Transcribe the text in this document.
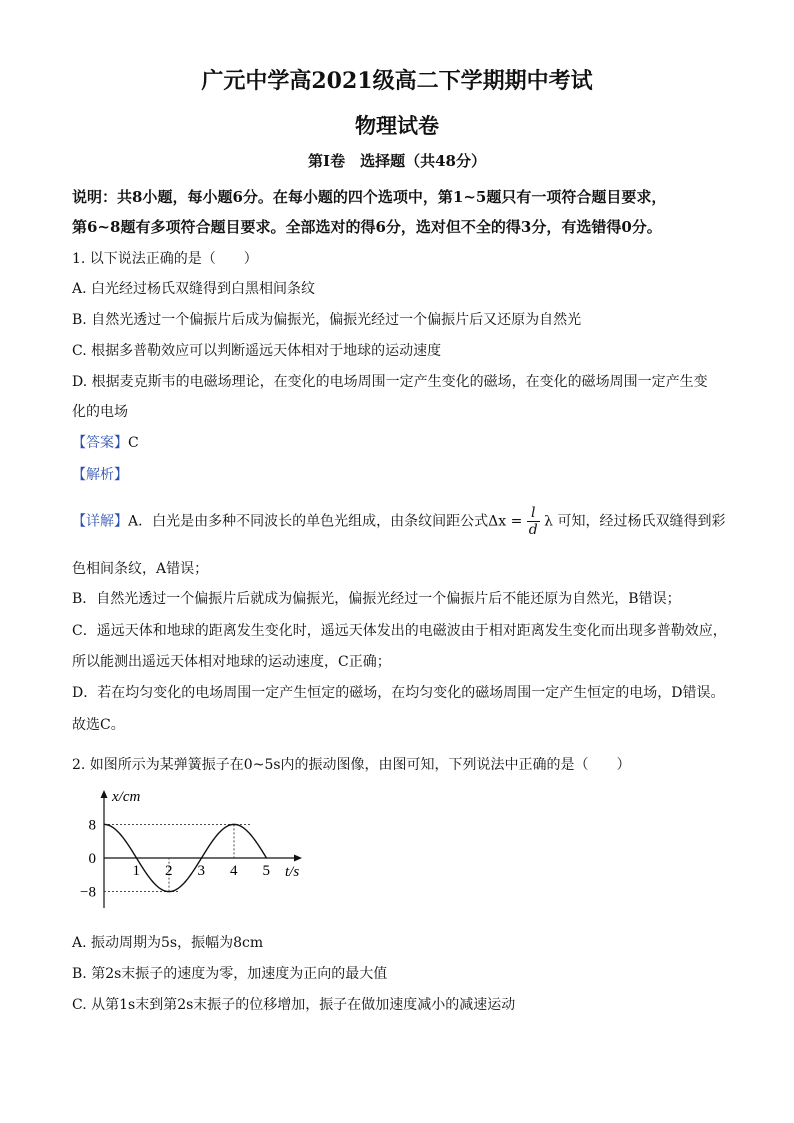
广元中学高2021级高二下学期期中考试
物理试卷
第I卷　选择题（共48分）
说明：共8小题，每小题6分。在每小题的四个选项中，第1~5题只有一项符合题目要求，
第6~8题有多项符合题目要求。全部选对的得6分，选对但不全的得3分，有选错得0分。
1. 以下说法正确的是（　　）
A. 白光经过杨氏双缝得到白黑相间条纹
B. 自然光透过一个偏振片后成为偏振光，偏振光经过一个偏振片后又还原为自然光
C. 根据多普勒效应可以判断遥远天体相对于地球的运动速度
D. 根据麦克斯韦的电磁场理论，在变化的电场周围一定产生变化的磁场，在变化的磁场周围一定产生变
化的电场
【答案】C
【解析】
【详解】A．白光是由多种不同波长的单色光组成，由条纹间距公式$\Delta x = \frac{l}{d}$ λ 可知，经过杨氏双缝得到彩
色相间条纹，A错误；
B．自然光透过一个偏振片后就成为偏振光，偏振光经过一个偏振片后不能还原为自然光，B错误；
C．遥远天体和地球的距离发生变化时，遥远天体发出的电磁波由于相对距离发生变化而出现多普勒效应，
所以能测出遥远天体相对地球的运动速度，C正确；
D．若在均匀变化的电场周围一定产生恒定的磁场，在均匀变化的磁场周围一定产生恒定的电场，D错误。
故选C。
2. 如图所示为某弹簧振子在0~5s内的振动图像，由图可知，下列说法中正确的是（　　）
1 2 3 4 5
8
0
−8
x/cm
t/s
A. 振动周期为5s，振幅为8cm
B. 第2s末振子的速度为零，加速度为正向的最大值
C. 从第1s末到第2s末振子的位移增加，振子在做加速度减小的减速运动
